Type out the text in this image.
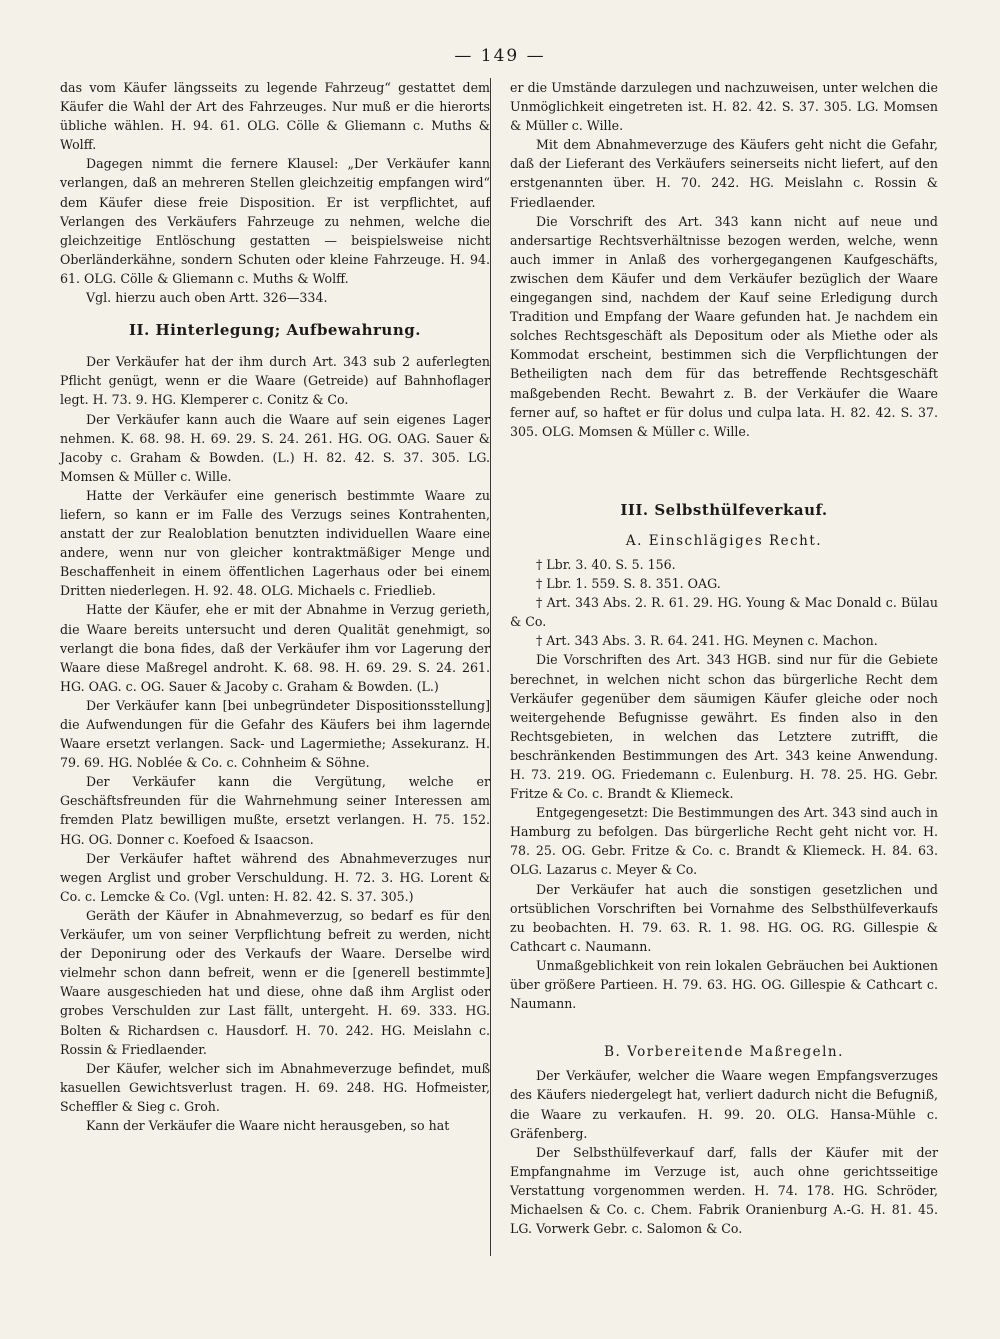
— 149 —

das vom Käufer längsseits zu legende Fahrzeug“ gestattet dem Käufer die Wahl der Art des Fahrzeuges. Nur muß er die hierorts übliche wählen. H. 94. 61. OLG. Cölle & Gliemann c. Muths & Wolff.

Dagegen nimmt die fernere Klausel: „Der Verkäufer kann verlangen, daß an mehreren Stellen gleichzeitig empfangen wird“ dem Käufer diese freie Disposition. Er ist verpflichtet, auf Verlangen des Verkäufers Fahrzeuge zu nehmen, welche die gleichzeitige Entlöschung gestatten — beispielsweise nicht Oberländerkähne, sondern Schuten oder kleine Fahrzeuge. H. 94. 61. OLG. Cölle & Gliemann c. Muths & Wolff.

Vgl. hierzu auch oben Artt. 326—334.

II. Hinterlegung; Aufbewahrung.

Der Verkäufer hat der ihm durch Art. 343 sub 2 auferlegten Pflicht genügt, wenn er die Waare (Getreide) auf Bahnhoflager legt. H. 73. 9. HG. Klemperer c. Conitz & Co.

Der Verkäufer kann auch die Waare auf sein eigenes Lager nehmen. K. 68. 98. H. 69. 29. S. 24. 261. HG. OG. OAG. Sauer & Jacoby c. Graham & Bowden. (L.) H. 82. 42. S. 37. 305. LG. Momsen & Müller c. Wille.

Hatte der Verkäufer eine generisch bestimmte Waare zu liefern, so kann er im Falle des Verzugs seines Kontrahenten, anstatt der zur Realoblation benutzten individuellen Waare eine andere, wenn nur von gleicher kontraktmäßiger Menge und Beschaffenheit in einem öffentlichen Lagerhaus oder bei einem Dritten niederlegen. H. 92. 48. OLG. Michaels c. Friedlieb.

Hatte der Käufer, ehe er mit der Abnahme in Verzug gerieth, die Waare bereits untersucht und deren Qualität genehmigt, so verlangt die bona fides, daß der Verkäufer ihm vor Lagerung der Waare diese Maßregel androht. K. 68. 98. H. 69. 29. S. 24. 261. HG. OAG. c. OG. Sauer & Jacoby c. Graham & Bowden. (L.)

Der Verkäufer kann [bei unbegründeter Dispositionsstellung] die Aufwendungen für die Gefahr des Käufers bei ihm lagernde Waare ersetzt verlangen. Sack- und Lagermiethe; Assekuranz. H. 79. 69. HG. Noblée & Co. c. Cohnheim & Söhne.

Der Verkäufer kann die Vergütung, welche er Geschäftsfreunden für die Wahrnehmung seiner Interessen am fremden Platz bewilligen mußte, ersetzt verlangen. H. 75. 152. HG. OG. Donner c. Koefoed & Isaacson.

Der Verkäufer haftet während des Abnahmeverzuges nur wegen Arglist und grober Verschuldung. H. 72. 3. HG. Lorent & Co. c. Lemcke & Co. (Vgl. unten: H. 82. 42. S. 37. 305.)

Geräth der Käufer in Abnahmeverzug, so bedarf es für den Verkäufer, um von seiner Verpflichtung befreit zu werden, nicht der Deponirung oder des Verkaufs der Waare. Derselbe wird vielmehr schon dann befreit, wenn er die [generell bestimmte] Waare ausgeschieden hat und diese, ohne daß ihm Arglist oder grobes Verschulden zur Last fällt, untergeht. H. 69. 333. HG. Bolten & Richardsen c. Hausdorf. H. 70. 242. HG. Meislahn c. Rossin & Friedlaender.

Der Käufer, welcher sich im Abnahmeverzuge befindet, muß kasuellen Gewichtsverlust tragen. H. 69. 248. HG. Hofmeister, Scheffler & Sieg c. Groh.

Kann der Verkäufer die Waare nicht herausgeben, so hat

er die Umstände darzulegen und nachzuweisen, unter welchen die Unmöglichkeit eingetreten ist. H. 82. 42. S. 37. 305. LG. Momsen & Müller c. Wille.

Mit dem Abnahmeverzuge des Käufers geht nicht die Gefahr, daß der Lieferant des Verkäufers seinerseits nicht liefert, auf den erstgenannten über. H. 70. 242. HG. Meislahn c. Rossin & Friedlaender.

Die Vorschrift des Art. 343 kann nicht auf neue und andersartige Rechtsverhältnisse bezogen werden, welche, wenn auch immer in Anlaß des vorhergegangenen Kaufgeschäfts, zwischen dem Käufer und dem Verkäufer bezüglich der Waare eingegangen sind, nachdem der Kauf seine Erledigung durch Tradition und Empfang der Waare gefunden hat. Je nachdem ein solches Rechtsgeschäft als Depositum oder als Miethe oder als Kommodat erscheint, bestimmen sich die Verpflichtungen der Betheiligten nach dem für das betreffende Rechtsgeschäft maßgebenden Recht. Bewahrt z. B. der Verkäufer die Waare ferner auf, so haftet er für dolus und culpa lata. H. 82. 42. S. 37. 305. OLG. Momsen & Müller c. Wille.

III. Selbsthülfeverkauf.
A. Einschlägiges Recht.

† Lbr. 3. 40. S. 5. 156.

† Lbr. 1. 559. S. 8. 351. OAG.

† Art. 343 Abs. 2. R. 61. 29. HG. Young & Mac Donald c. Bülau & Co.

† Art. 343 Abs. 3. R. 64. 241. HG. Meynen c. Machon.

Die Vorschriften des Art. 343 HGB. sind nur für die Gebiete berechnet, in welchen nicht schon das bürgerliche Recht dem Verkäufer gegenüber dem säumigen Käufer gleiche oder noch weitergehende Befugnisse gewährt. Es finden also in den Rechtsgebieten, in welchen das Letztere zutrifft, die beschränkenden Bestimmungen des Art. 343 keine Anwendung. H. 73. 219. OG. Friedemann c. Eulenburg. H. 78. 25. HG. Gebr. Fritze & Co. c. Brandt & Kliemeck.

Entgegengesetzt: Die Bestimmungen des Art. 343 sind auch in Hamburg zu befolgen. Das bürgerliche Recht geht nicht vor. H. 78. 25. OG. Gebr. Fritze & Co. c. Brandt & Kliemeck. H. 84. 63. OLG. Lazarus c. Meyer & Co.

Der Verkäufer hat auch die sonstigen gesetzlichen und ortsüblichen Vorschriften bei Vornahme des Selbsthülfeverkaufs zu beobachten. H. 79. 63. R. 1. 98. HG. OG. RG. Gillespie & Cathcart c. Naumann.

Unmaßgeblichkeit von rein lokalen Gebräuchen bei Auktionen über größere Partieen. H. 79. 63. HG. OG. Gillespie & Cathcart c. Naumann.

B. Vorbereitende Maßregeln.

Der Verkäufer, welcher die Waare wegen Empfangsverzuges des Käufers niedergelegt hat, verliert dadurch nicht die Befugniß, die Waare zu verkaufen. H. 99. 20. OLG. Hansa-Mühle c. Gräfenberg.

Der Selbsthülfeverkauf darf, falls der Käufer mit der Empfangnahme im Verzuge ist, auch ohne gerichtsseitige Verstattung vorgenommen werden. H. 74. 178. HG. Schröder, Michaelsen & Co. c. Chem. Fabrik Oranienburg A.-G. H. 81. 45. LG. Vorwerk Gebr. c. Salomon & Co.
